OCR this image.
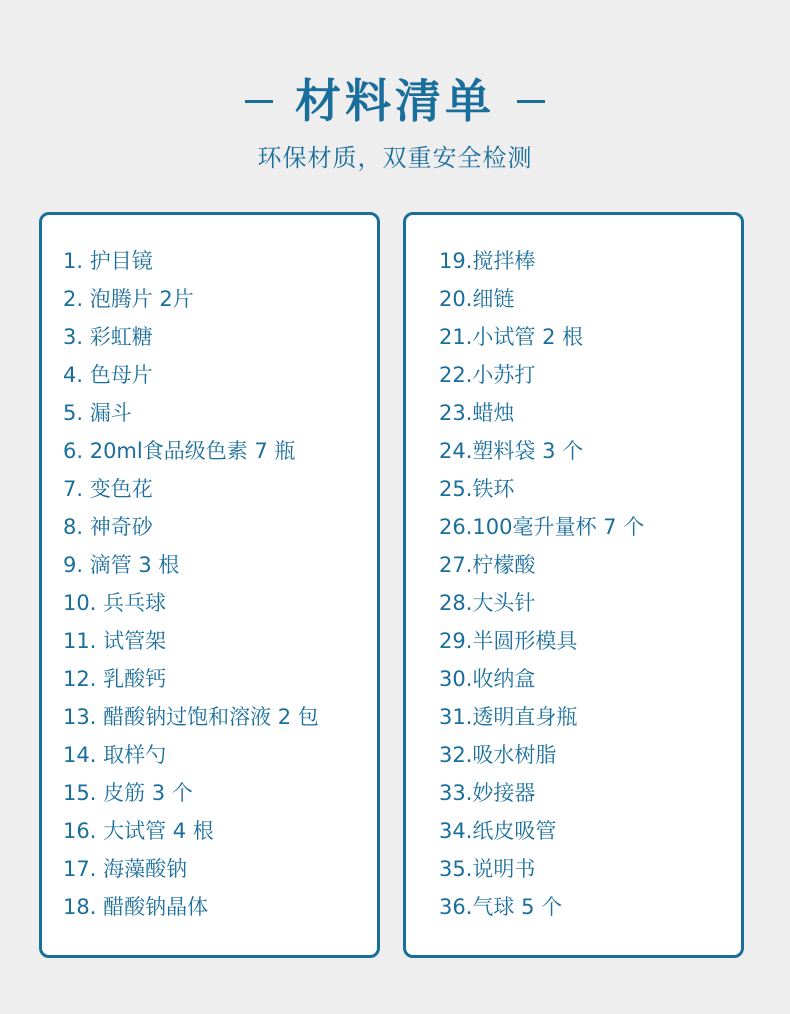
材料清单
环保材质，双重安全检测
1. 护目镜
2. 泡腾片 2片
3. 彩虹糖
4. 色母片
5. 漏斗
6. 20ml食品级色素 7 瓶
7. 变色花
8. 神奇砂
9. 滴管 3 根
10. 兵乓球
11. 试管架
12. 乳酸钙
13. 醋酸钠过饱和溶液 2 包
14. 取样勺
15. 皮筋 3 个
16. 大试管 4 根
17. 海藻酸钠
18. 醋酸钠晶体
19.搅拌棒
20.细链
21.小试管 2 根
22.小苏打
23.蜡烛
24.塑料袋 3 个
25.铁环
26.100毫升量杯 7 个
27.柠檬酸
28.大头针
29.半圆形模具
30.收纳盒
31.透明直身瓶
32.吸水树脂
33.妙接器
34.纸皮吸管
35.说明书
36.气球 5 个
